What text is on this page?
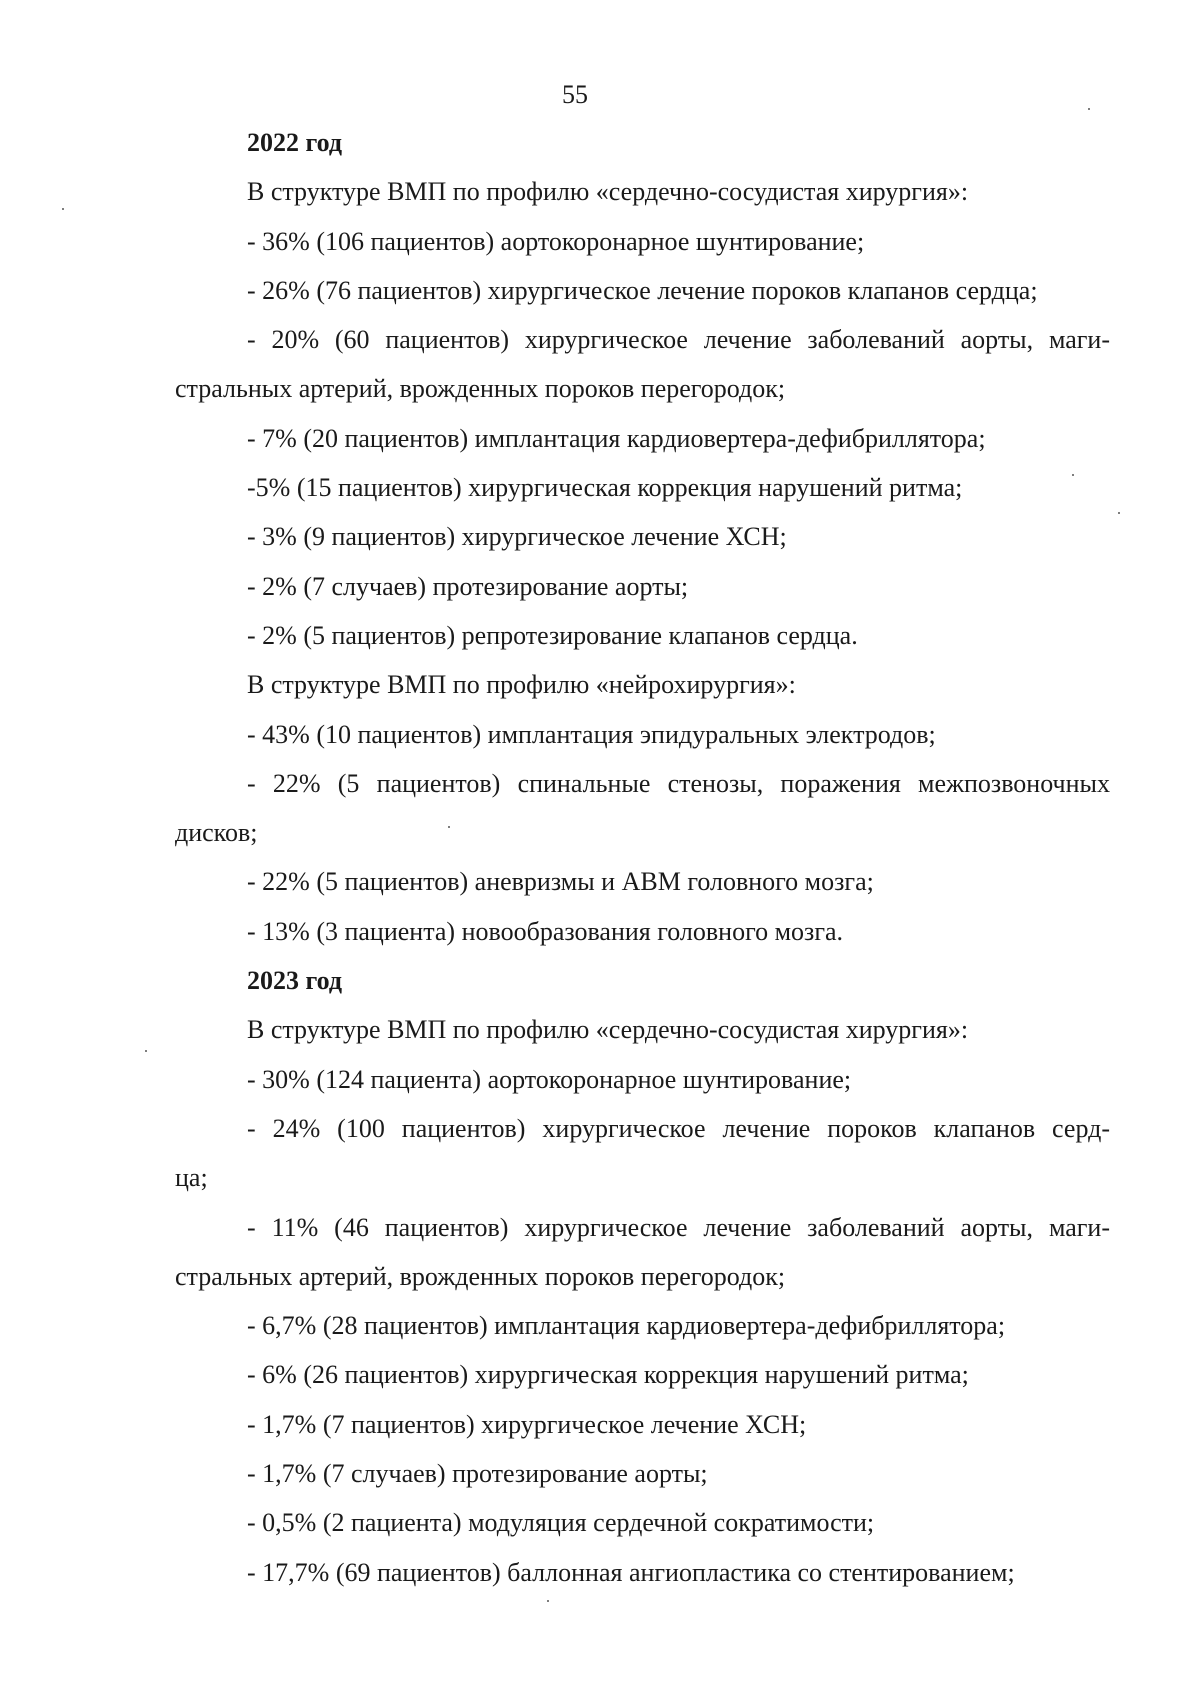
55
2022 год
В структуре ВМП по профилю «сердечно-сосудистая хирургия»:
- 36% (106 пациентов) аортокоронарное шунтирование;
- 26% (76 пациентов) хирургическое лечение пороков клапанов сердца;
- 20% (60 пациентов) хирургическое лечение заболеваний аорты, маги-
стральных артерий, врожденных пороков перегородок;
- 7% (20 пациентов) имплантация кардиовертера-дефибриллятора;
-5% (15 пациентов) хирургическая коррекция нарушений ритма;
- 3% (9 пациентов) хирургическое лечение ХСН;
- 2% (7 случаев) протезирование аорты;
- 2% (5 пациентов) репротезирование клапанов сердца.
В структуре ВМП по профилю «нейрохирургия»:
- 43% (10 пациентов) имплантация эпидуральных электродов;
- 22% (5 пациентов) спинальные стенозы, поражения межпозвоночных
дисков;
- 22% (5 пациентов) аневризмы и АВМ головного мозга;
- 13% (3 пациента) новообразования головного мозга.
2023 год
В структуре ВМП по профилю «сердечно-сосудистая хирургия»:
- 30% (124 пациента) аортокоронарное шунтирование;
- 24% (100 пациентов) хирургическое лечение пороков клапанов серд-
ца;
- 11% (46 пациентов) хирургическое лечение заболеваний аорты, маги-
стральных артерий, врожденных пороков перегородок;
- 6,7% (28 пациентов) имплантация кардиовертера-дефибриллятора;
- 6% (26 пациентов) хирургическая коррекция нарушений ритма;
- 1,7% (7 пациентов) хирургическое лечение ХСН;
- 1,7% (7 случаев) протезирование аорты;
- 0,5% (2 пациента) модуляция сердечной сократимости;
- 17,7% (69 пациентов) баллонная ангиопластика со стентированием;
